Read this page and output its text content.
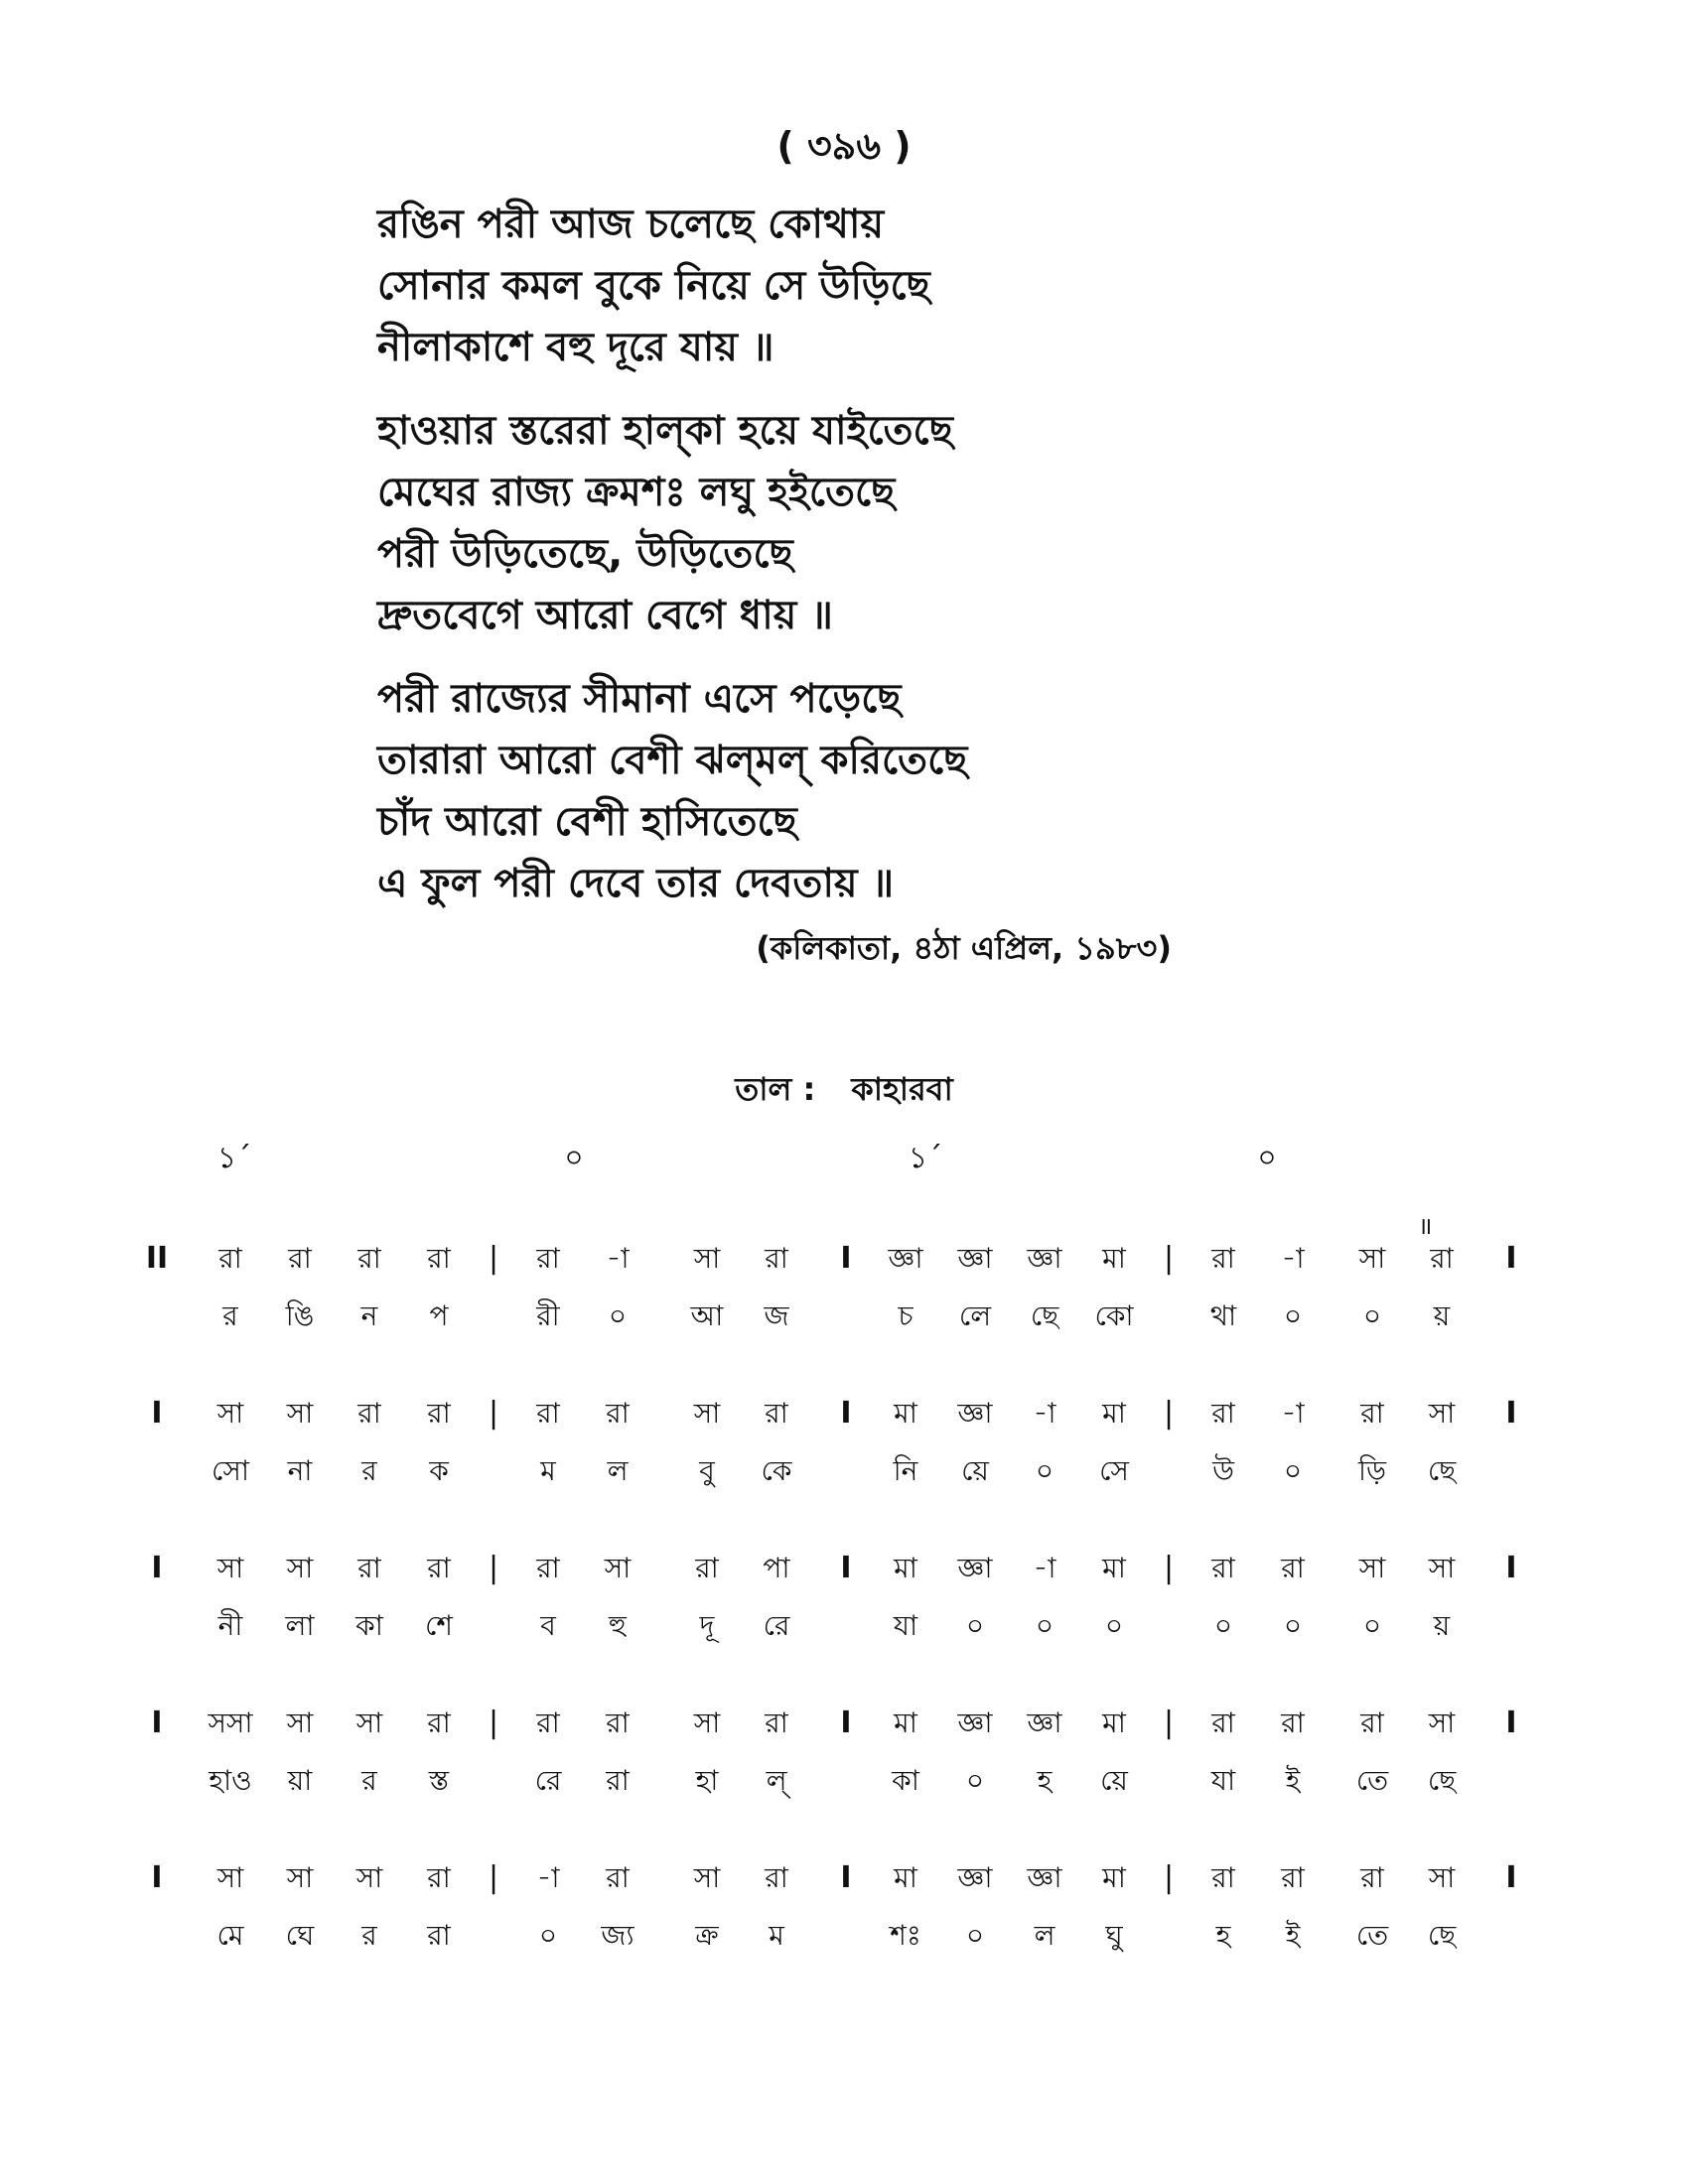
( ৩৯৬ )
রঙিন পরী আজ চলেছে কোথায়
সোনার কমল বুকে নিয়ে সে উড়িছে
নীলাকাশে বহু দূরে যায় ॥
হাওয়ার স্তরেরা হাল্‌কা হয়ে যাইতেছে
মেঘের রাজ্য ক্রমশঃ লঘু হইতেছে
পরী উড়িতেছে, উড়িতেছে
দ্রুতবেগে আরো বেগে ধায় ॥
পরী রাজ্যের সীমানা এসে পড়েছে
তারারা আরো বেশী ঝল্‌মল্‌ করিতেছে
চাঁদ আরো বেশী হাসিতেছে
এ ফুল পরী দেবে তার দেবতায় ॥
(কলিকাতা, ৪ঠা এপ্রিল, ১৯৮৩)
তাল : কাহারবা
১´	০	১´	০
॥
II	|	I	|	I
রা	রা	রা	রা	রা	-া	সা	রা	জ্ঞা	জ্ঞা	জ্ঞা	মা	রা	-া	সা	রা
র	ঙি	ন	প	রী	০	আ	জ	চ	লে	ছে	কো	থা	০	০	য়
I	|	I	|	I
সা	সা	রা	রা	রা	রা	সা	রা	মা	জ্ঞা	-া	মা	রা	-া	রা	সা
সো	না	র	ক	ম	ল	বু	কে	নি	য়ে	০	সে	উ	০	ড়ি	ছে
I	|	I	|	I
সা	সা	রা	রা	রা	সা	রা	পা	মা	জ্ঞা	-া	মা	রা	রা	সা	সা
নী	লা	কা	শে	ব	হু	দূ	রে	যা	০	০	০	০	০	০	য়
I	|	I	|	I
সসা	সা	সা	রা	রা	রা	সা	রা	মা	জ্ঞা	জ্ঞা	মা	রা	রা	রা	সা
হাও	য়া	র	স্ত	রে	রা	হা	ল্	কা	০	হ	য়ে	যা	ই	তে	ছে
I	|	I	|	I
সা	সা	সা	রা	-া	রা	সা	রা	মা	জ্ঞা	জ্ঞা	মা	রা	রা	রা	সা
মে	ঘে	র	রা	০	জ্য	ক্র	ম	শঃ	০	ল	ঘু	হ	ই	তে	ছে
